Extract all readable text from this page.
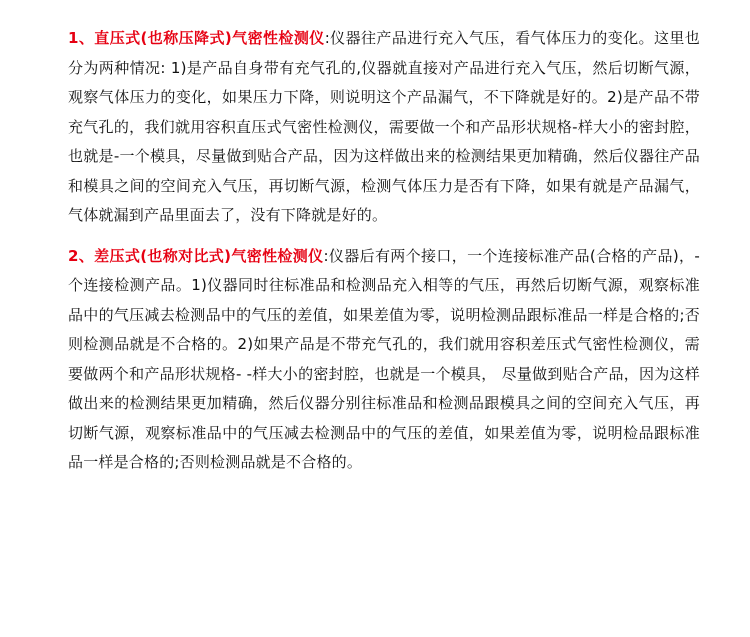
1、直压式(也称压降式)气密性检测仪:仪器往产品进行充入气压，看气体压力的变化。这里也分为两种情况: 1)是产品自身带有充气孔的,仪器就直接对产品进行充入气压，然后切断气源，观察气体压力的变化，如果压力下降，则说明这个产品漏气，不下降就是好的。2)是产品不带充气孔的，我们就用容积直压式气密性检测仪，需要做一个和产品形状规格-样大小的密封腔，也就是-一个模具，尽量做到贴合产品，因为这样做出来的检测结果更加精确，然后仪器往产品和模具之间的空间充入气压，再切断气源，检测气体压力是否有下降，如果有就是产品漏气，气体就漏到产品里面去了，没有下降就是好的。

2、差压式(也称对比式)气密性检测仪:仪器后有两个接口，一个连接标准产品(合格的产品)，- 个连接检测产品。1)仪器同时往标准品和检测品充入相等的气压，再然后切断气源，观察标准品中的气压减去检测品中的气压的差值，如果差值为零，说明检测品跟标准品一样是合格的;否则检测品就是不合格的。2)如果产品是不带充气孔的，我们就用容积差压式气密性检测仪，需要做两个和产品形状规格- -样大小的密封腔，也就是一个模具， 尽量做到贴合产品，因为这样做出来的检测结果更加精确，然后仪器分别往标准品和检测品跟模具之间的空间充入气压，再切断气源，观察标准品中的气压减去检测品中的气压的差值，如果差值为零，说明检品跟标准品一样是合格的;否则检测品就是不合格的。
